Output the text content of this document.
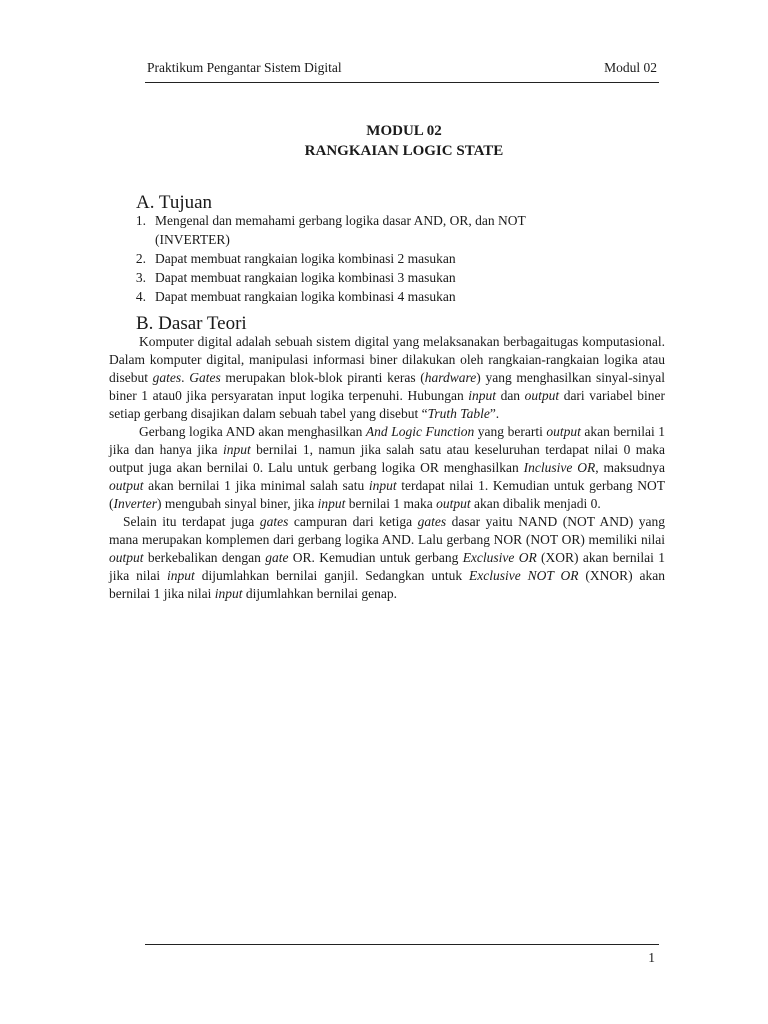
Praktikum Pengantar Sistem Digital	Modul 02
MODUL 02
RANGKAIAN LOGIC STATE
A. Tujuan
1. Mengenal dan memahami gerbang logika dasar AND, OR, dan NOT (INVERTER)
2. Dapat membuat rangkaian logika kombinasi 2 masukan
3. Dapat membuat rangkaian logika kombinasi 3 masukan
4. Dapat membuat rangkaian logika kombinasi 4 masukan
B. Dasar Teori

Komputer digital adalah sebuah sistem digital yang melaksanakan berbagaitugas komputasional. Dalam komputer digital, manipulasi informasi biner dilakukan oleh rangkaian-rangkaian logika atau disebut gates. Gates merupakan blok-blok piranti keras (hardware) yang menghasilkan sinyal-sinyal biner 1 atau0 jika persyaratan input logika terpenuhi. Hubungan input dan output dari variabel biner setiap gerbang disajikan dalam sebuah tabel yang disebut “Truth Table”.

Gerbang logika AND akan menghasilkan And Logic Function yang berarti output akan bernilai 1 jika dan hanya jika input bernilai 1, namun jika salah satu atau keseluruhan terdapat nilai 0 maka output juga akan bernilai 0. Lalu untuk gerbang logika OR menghasilkan Inclusive OR, maksudnya output akan bernilai 1 jika minimal salah satu input terdapat nilai 1. Kemudian untuk gerbang NOT (Inverter) mengubah sinyal biner, jika input bernilai 1 maka output akan dibalik menjadi 0.

Selain itu terdapat juga gates campuran dari ketiga gates dasar yaitu NAND (NOT AND) yang mana merupakan komplemen dari gerbang logika AND. Lalu gerbang NOR (NOT OR) memiliki nilai output berkebalikan dengan gate OR. Kemudian untuk gerbang Exclusive OR (XOR) akan bernilai 1 jika nilai input dijumlahkan bernilai ganjil. Sedangkan untuk Exclusive NOT OR (XNOR) akan bernilai 1 jika nilai input dijumlahkan bernilai genap.

1
